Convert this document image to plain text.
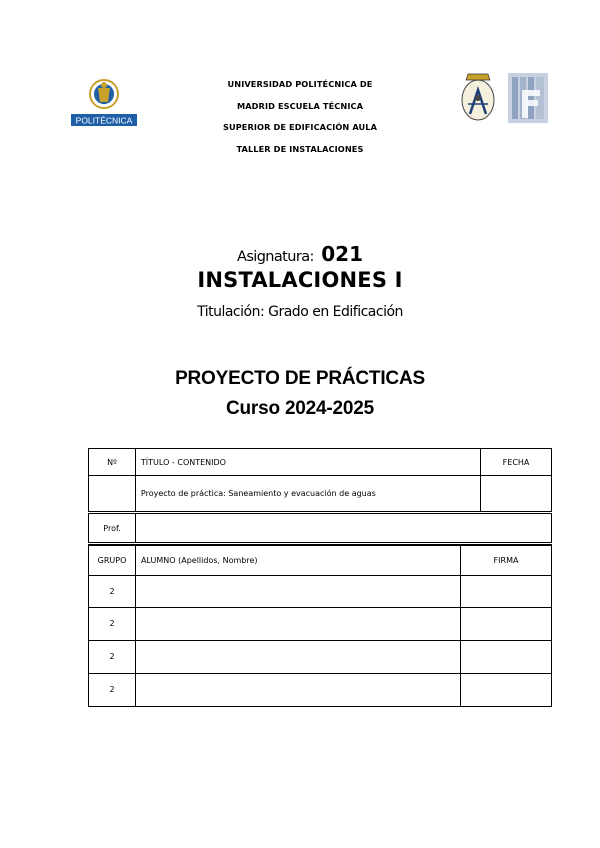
POLITÉCNICA
UNIVERSIDAD POLITÉCNICA DE
MADRID ESCUELA TÉCNICA
SUPERIOR DE EDIFICACIÓN AULA
TALLER DE INSTALACIONES
Asignatura: 021
INSTALACIONES I
Titulación: Grado en Edificación
PROYECTO DE PRÁCTICAS
Curso 2024-2025
Nº	TÍTULO - CONTENIDO	FECHA
	Proyecto de práctica: Saneamiento y evacuación de aguas	
Prof.	
GRUPO	ALUMNO (Apellidos, Nombre)	FIRMA
2		
2		
2		
2		
